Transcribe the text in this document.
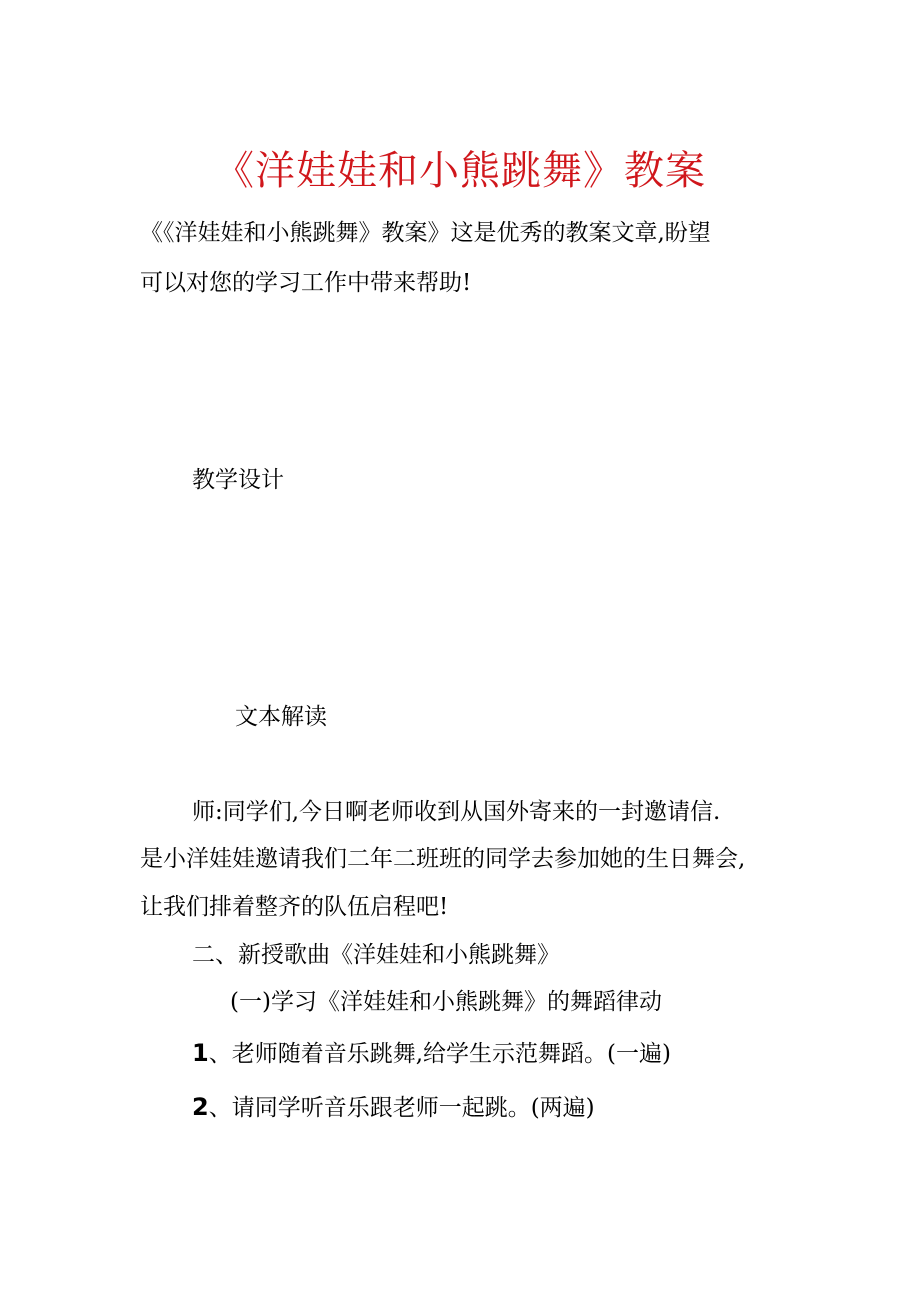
《洋娃娃和小熊跳舞》教案
《《洋娃娃和小熊跳舞》教案》这是优秀的教案文章,盼望
可以对您的学习工作中带来帮助!
教学设计
文本解读
师:同学们,今日啊老师收到从国外寄来的一封邀请信.
是小洋娃娃邀请我们二年二班班的同学去参加她的生日舞会,
让我们排着整齐的队伍启程吧!
二、新授歌曲《洋娃娃和小熊跳舞》
(一)学习《洋娃娃和小熊跳舞》的舞蹈律动
1、老师随着音乐跳舞,给学生示范舞蹈。(一遍)
2、请同学听音乐跟老师一起跳。(两遍)
